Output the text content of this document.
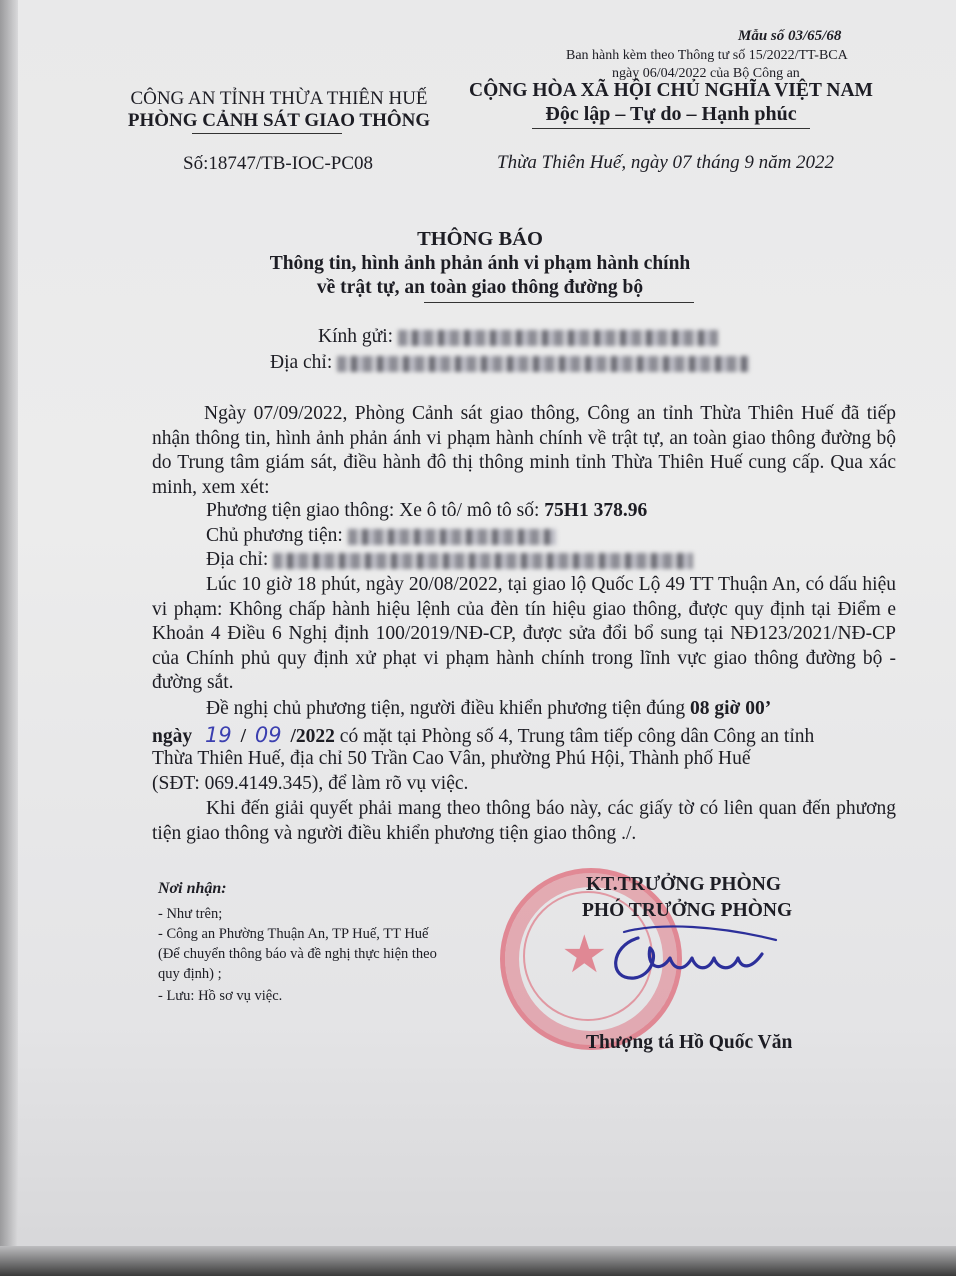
Mẫu số 03/65/68
Ban hành kèm theo Thông tư số 15/2022/TT-BCA
ngày 06/04/2022 của Bộ Công an
CÔNG AN TỈNH THỪA THIÊN HUẾ
PHÒNG CẢNH SÁT GIAO THÔNG
CỘNG HÒA XÃ HỘI CHỦ NGHĨA VIỆT NAM
Độc lập – Tự do – Hạnh phúc
Số:18747/TB-IOC-PC08	Thừa Thiên Huế, ngày 07 tháng 9 năm 2022
THÔNG BÁO
Thông tin, hình ảnh phản ánh vi phạm hành chính
về trật tự, an toàn giao thông đường bộ
Kính gửi:
Địa chỉ:
Ngày 07/09/2022, Phòng Cảnh sát giao thông, Công an tỉnh Thừa Thiên Huế đã tiếp nhận thông tin, hình ảnh phản ánh vi phạm hành chính về trật tự, an toàn giao thông đường bộ do Trung tâm giám sát, điều hành đô thị thông minh tỉnh Thừa Thiên Huế cung cấp. Qua xác minh, xem xét:
Phương tiện giao thông: Xe ô tô/ mô tô số: 75H1 378.96
Chủ phương tiện:
Địa chỉ:
Lúc 10 giờ 18 phút, ngày 20/08/2022, tại giao lộ Quốc Lộ 49 TT Thuận An, có dấu hiệu vi phạm: Không chấp hành hiệu lệnh của đèn tín hiệu giao thông, được quy định tại Điểm e Khoản 4 Điều 6 Nghị định 100/2019/NĐ-CP, được sửa đổi bổ sung tại NĐ123/2021/NĐ-CP của Chính phủ quy định xử phạt vi phạm hành chính trong lĩnh vực giao thông đường bộ - đường sắt.
Đề nghị chủ phương tiện, người điều khiển phương tiện đúng 08 giờ 00’
ngày 19 / 09 /2022 có mặt tại Phòng số 4, Trung tâm tiếp công dân Công an tỉnh
Thừa Thiên Huế, địa chỉ 50 Trần Cao Vân, phường Phú Hội, Thành phố Huế
(SĐT: 069.4149.345), để làm rõ vụ việc.
Khi đến giải quyết phải mang theo thông báo này, các giấy tờ có liên quan đến phương tiện giao thông và người điều khiển phương tiện giao thông ./.
Nơi nhận:
- Như trên;
- Công an Phường Thuận An, TP Huế, TT Huế
(Để chuyển thông báo và đề nghị thực hiện theo
quy định) ;
- Lưu: Hồ sơ vụ việc.
★
KT.TRƯỞNG PHÒNG
PHÓ TRƯỞNG PHÒNG
Thượng tá Hồ Quốc Văn
